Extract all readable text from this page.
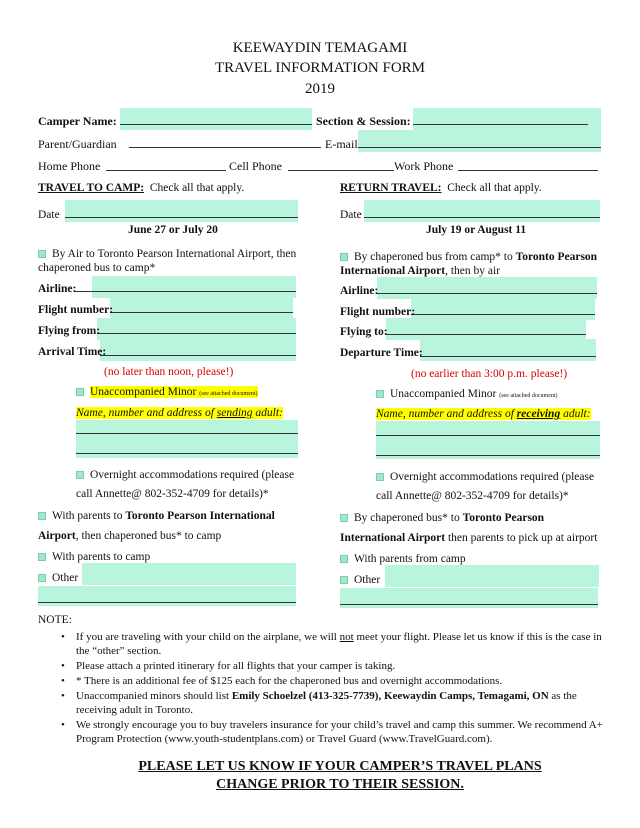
KEEWAYDIN TEMAGAMI
TRAVEL INFORMATION FORM
2019
Camper Name:	Section & Session:
Parent/Guardian	E-mail
Home Phone	Cell Phone	Work Phone
TRAVEL TO CAMP: Check all that apply.	RETURN TRAVEL: Check all that apply.
Date
June 27 or July 20
Date
July 19 or August 11
By Air to Toronto Pearson International Airport, then
chaperoned bus to camp*
By chaperoned bus from camp* to Toronto Pearson
International Airport, then by air
Airline:
Flight number:
Flying from:
Arrival Time:
Airline:
Flight number:
Flying to:
Departure Time:
(no later than noon, please!)	(no earlier than 3:00 p.m. please!)
Unaccompanied Minor (see attached document)	Unaccompanied Minor (see attached document)
Name, number and address of sending adult:	Name, number and address of receiving adult:
Overnight accommodations required (please
call Annette@ 802-352-4709 for details)*
Overnight accommodations required (please
call Annette@ 802-352-4709 for details)*
With parents to Toronto Pearson International
Airport, then chaperoned bus* to camp
By chaperoned bus* to Toronto Pearson
International Airport then parents to pick up at airport
With parents to camp	With parents from camp
Other	Other
NOTE:
• If you are traveling with your child on the airplane, we will not meet your flight. Please let us know if this is the case in the “other” section.
• Please attach a printed itinerary for all flights that your camper is taking.
• * There is an additional fee of $125 each for the chaperoned bus and overnight accommodations.
• Unaccompanied minors should list Emily Schoelzel (413-325-7739), Keewaydin Camps, Temagami, ON as the receiving adult in Toronto.
• We strongly encourage you to buy travelers insurance for your child’s travel and camp this summer. We recommend A+ Program Protection (www.youth-studentplans.com) or Travel Guard (www.TravelGuard.com).
PLEASE LET US KNOW IF YOUR CAMPER’S TRAVEL PLANS
CHANGE PRIOR TO THEIR SESSION.
